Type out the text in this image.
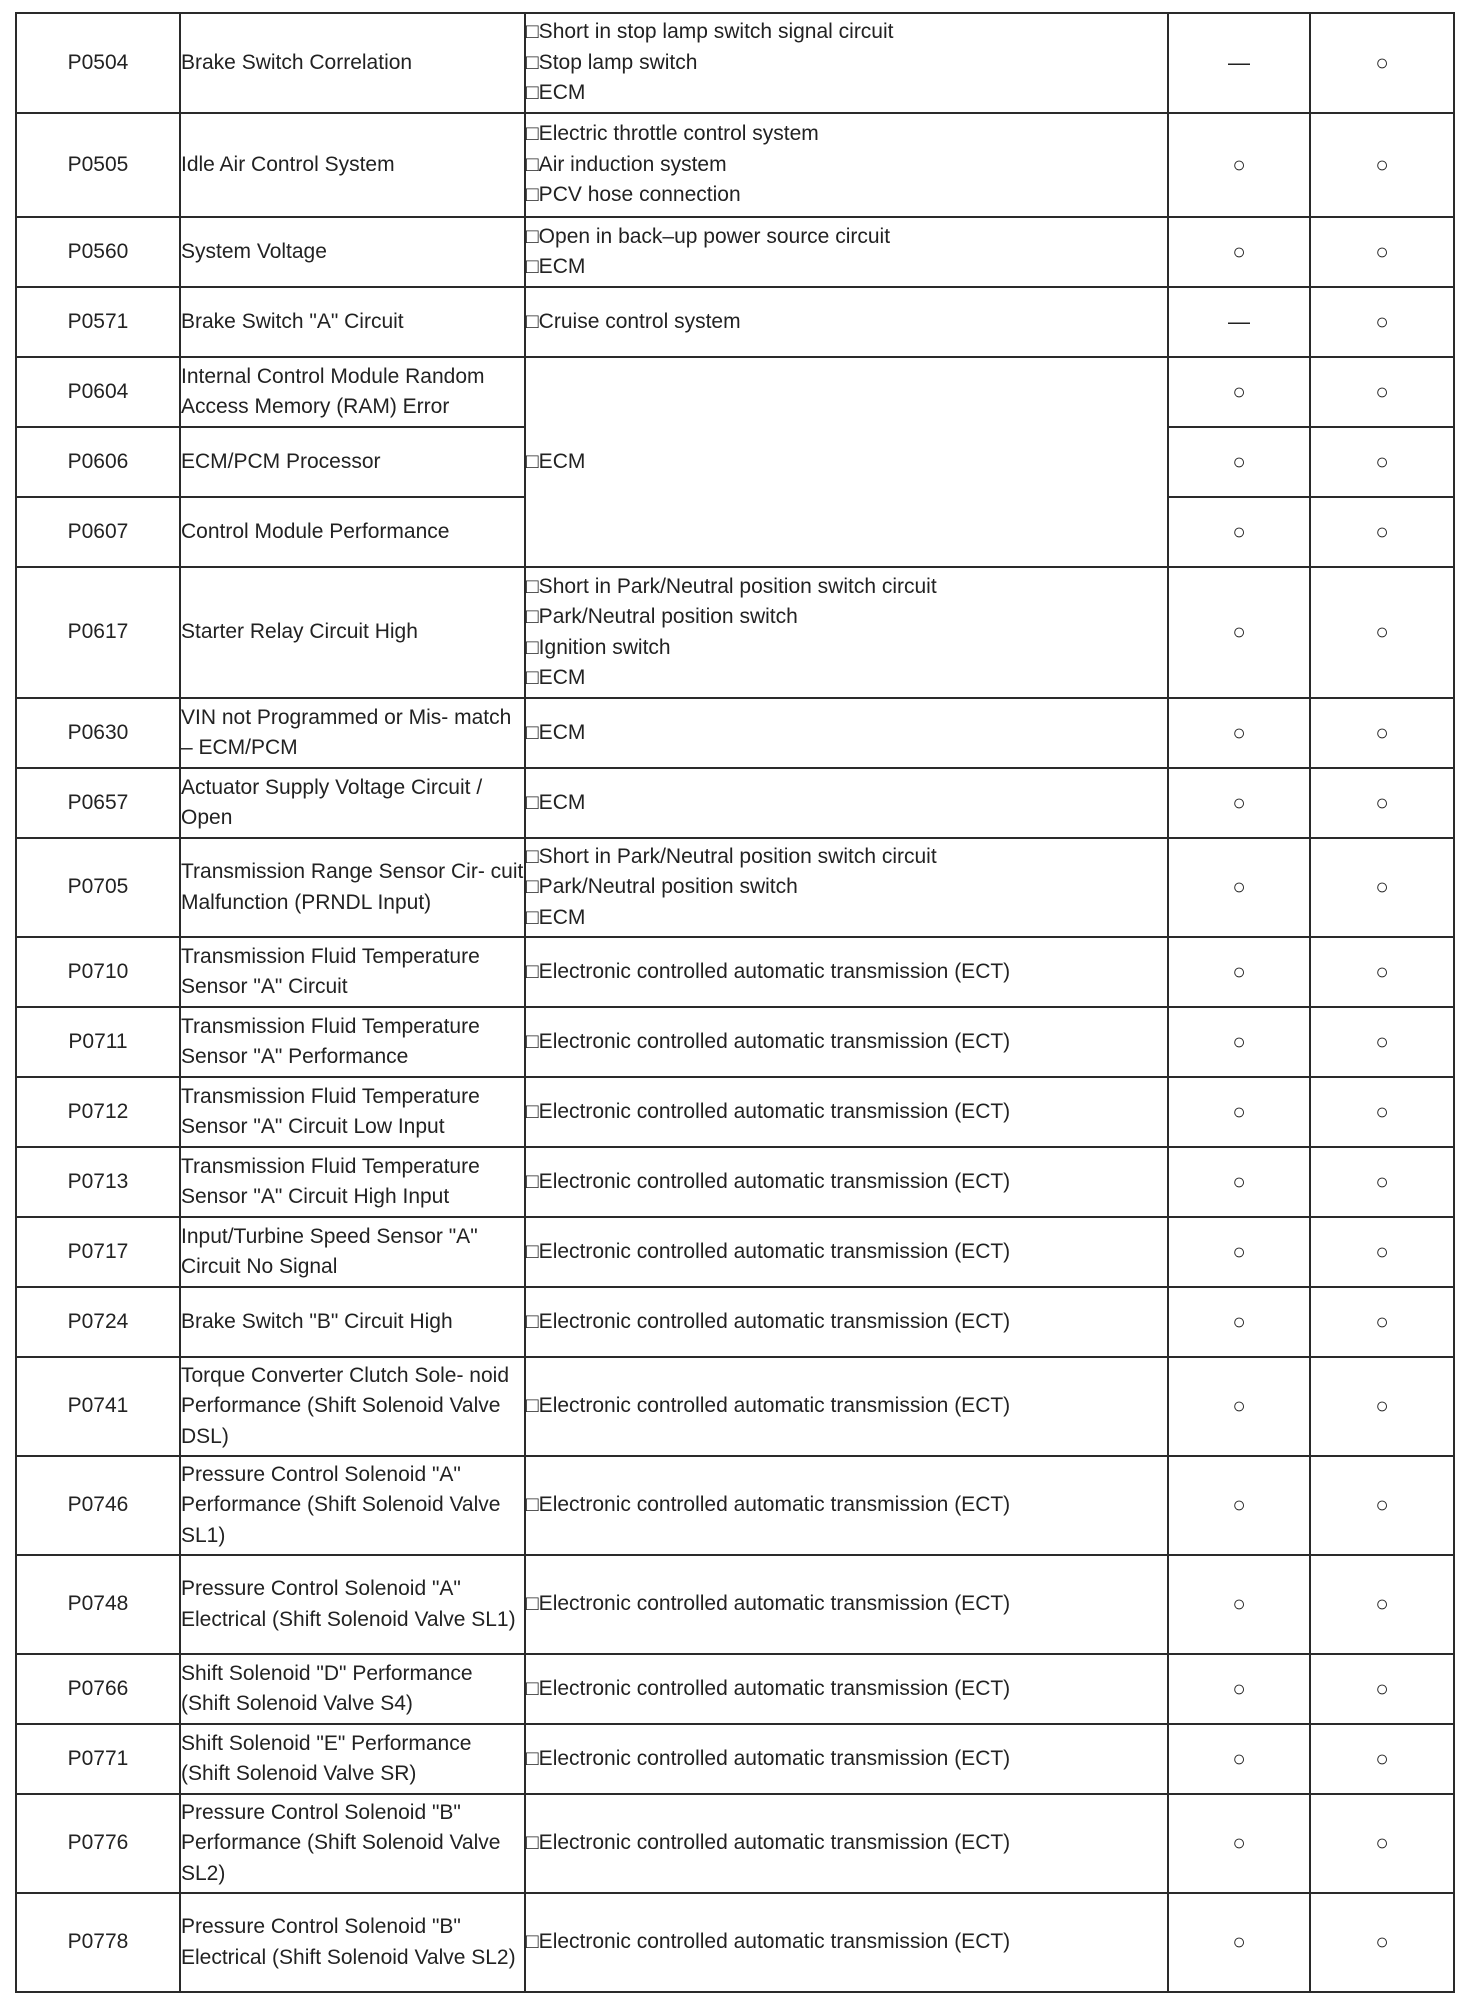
P0504	Brake Switch Correlation	□Short in stop lamp switch signal circuit
□Stop lamp switch
□ECM	—	○
P0505	Idle Air Control System	□Electric throttle control system
□Air induction system
□PCV hose connection	○	○
P0560	System Voltage	□Open in back–up power source circuit
□ECM	○	○
P0571	Brake Switch "A" Circuit	□Cruise control system	—	○
P0604	Internal Control Module Random Access Memory (RAM) Error	□ECM	○	○
P0606	ECM/PCM Processor		○	○
P0607	Control Module Performance		○	○
P0617	Starter Relay Circuit High	□Short in Park/Neutral position switch circuit
□Park/Neutral position switch
□Ignition switch
□ECM	○	○
P0630	VIN not Programmed or Mis- match – ECM/PCM	□ECM	○	○
P0657	Actuator Supply Voltage Circuit / Open	□ECM	○	○
P0705	Transmission Range Sensor Cir- cuit Malfunction (PRNDL Input)	□Short in Park/Neutral position switch circuit
□Park/Neutral position switch
□ECM	○	○
P0710	Transmission Fluid Temperature Sensor "A" Circuit	□Electronic controlled automatic transmission (ECT)	○	○
P0711	Transmission Fluid Temperature Sensor "A" Performance	□Electronic controlled automatic transmission (ECT)	○	○
P0712	Transmission Fluid Temperature Sensor "A" Circuit Low Input	□Electronic controlled automatic transmission (ECT)	○	○
P0713	Transmission Fluid Temperature Sensor "A" Circuit High Input	□Electronic controlled automatic transmission (ECT)	○	○
P0717	Input/Turbine Speed Sensor "A" Circuit No Signal	□Electronic controlled automatic transmission (ECT)	○	○
P0724	Brake Switch "B" Circuit High	□Electronic controlled automatic transmission (ECT)	○	○
P0741	Torque Converter Clutch Sole- noid Performance (Shift Solenoid Valve DSL)	□Electronic controlled automatic transmission (ECT)	○	○
P0746	Pressure Control Solenoid "A" Performance (Shift Solenoid Valve SL1)	□Electronic controlled automatic transmission (ECT)	○	○
P0748	Pressure Control Solenoid "A" Electrical (Shift Solenoid Valve SL1)	□Electronic controlled automatic transmission (ECT)	○	○
P0766	Shift Solenoid "D" Performance (Shift Solenoid Valve S4)	□Electronic controlled automatic transmission (ECT)	○	○
P0771	Shift Solenoid "E" Performance (Shift Solenoid Valve SR)	□Electronic controlled automatic transmission (ECT)	○	○
P0776	Pressure Control Solenoid "B" Performance (Shift Solenoid Valve SL2)	□Electronic controlled automatic transmission (ECT)	○	○
P0778	Pressure Control Solenoid "B" Electrical (Shift Solenoid Valve SL2)	□Electronic controlled automatic transmission (ECT)	○	○
